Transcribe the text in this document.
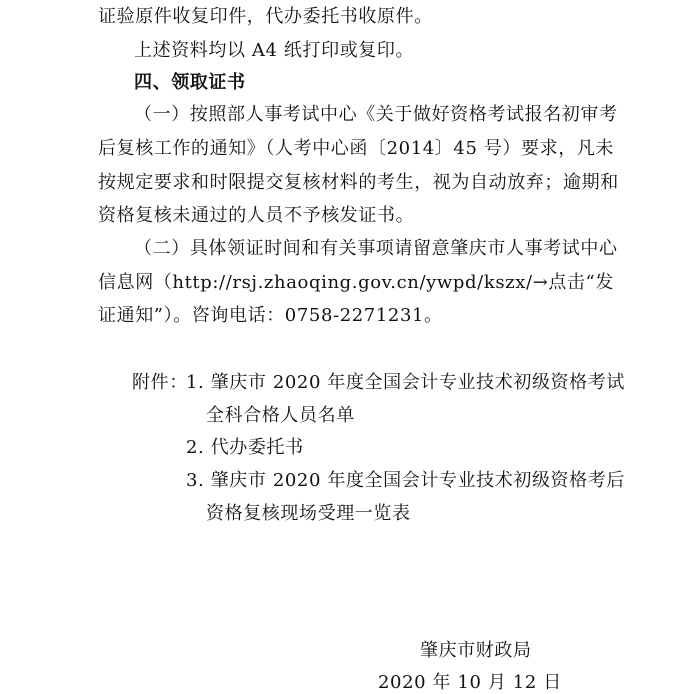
证验原件收复印件，代办委托书收原件。
上述资料均以 A4 纸打印或复印。
四、领取证书
（一）按照部人事考试中心《关于做好资格考试报名初审考
后复核工作的通知》（人考中心函〔2014〕45 号）要求，凡未
按规定要求和时限提交复核材料的考生，视为自动放弃；逾期和
资格复核未通过的人员不予核发证书。
（二）具体领证时间和有关事项请留意肇庆市人事考试中心
信息网（http://rsj.zhaoqing.gov.cn/ywpd/kszx/→点击“发
证通知”）。咨询电话：0758-2271231。
附件：
1. 肇庆市 2020 年度全国会计专业技术初级资格考试
全科合格人员名单
2. 代办委托书
3. 肇庆市 2020 年度全国会计专业技术初级资格考后
资格复核现场受理一览表
肇庆市财政局
2020 年 10 月 12 日
